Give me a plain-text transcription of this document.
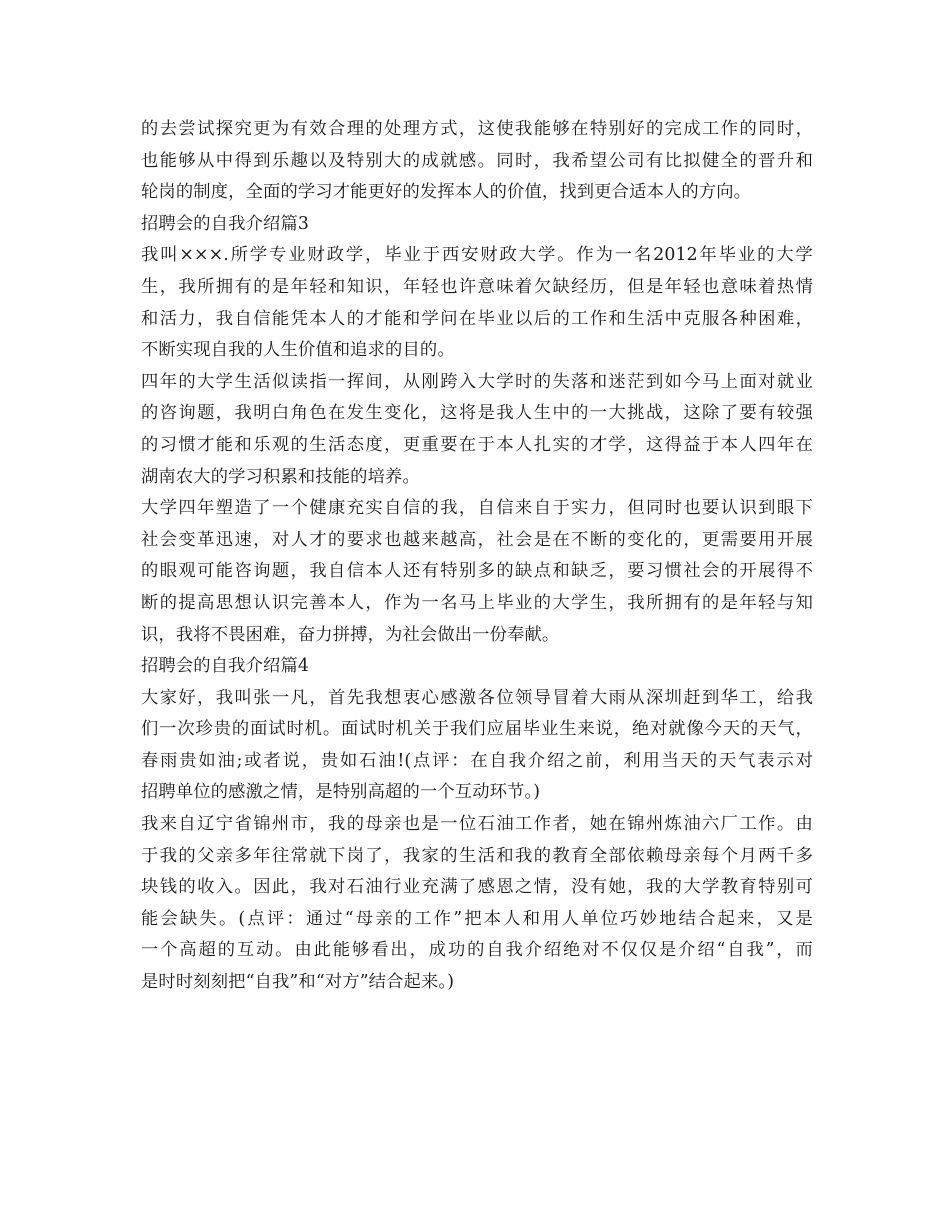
的去尝试探究更为有效合理的处理方式，这使我能够在特别好的完成工作的同时，
也能够从中得到乐趣以及特别大的成就感。同时，我希望公司有比拟健全的晋升和
轮岗的制度，全面的学习才能更好的发挥本人的价值，找到更合适本人的方向。
招聘会的自我介绍篇3
我叫×××.所学专业财政学，毕业于西安财政大学。作为一名2012年毕业的大学
生，我所拥有的是年轻和知识，年轻也许意味着欠缺经历，但是年轻也意味着热情
和活力，我自信能凭本人的才能和学问在毕业以后的工作和生活中克服各种困难，
不断实现自我的人生价值和追求的目的。
四年的大学生活似读指一挥间，从刚跨入大学时的失落和迷茫到如今马上面对就业
的咨询题，我明白角色在发生变化，这将是我人生中的一大挑战，这除了要有较强
的习惯才能和乐观的生活态度，更重要在于本人扎实的才学，这得益于本人四年在
湖南农大的学习积累和技能的培养。
大学四年塑造了一个健康充实自信的我，自信来自于实力，但同时也要认识到眼下
社会变革迅速，对人才的要求也越来越高，社会是在不断的变化的，更需要用开展
的眼观可能咨询题，我自信本人还有特别多的缺点和缺乏，要习惯社会的开展得不
断的提高思想认识完善本人，作为一名马上毕业的大学生，我所拥有的是年轻与知
识，我将不畏困难，奋力拼搏，为社会做出一份奉献。
招聘会的自我介绍篇4
大家好，我叫张一凡，首先我想衷心感激各位领导冒着大雨从深圳赶到华工，给我
们一次珍贵的面试时机。面试时机关于我们应届毕业生来说，绝对就像今天的天气，
春雨贵如油;或者说，贵如石油!(点评：在自我介绍之前，利用当天的天气表示对
招聘单位的感激之情，是特别高超的一个互动环节。)
我来自辽宁省锦州市，我的母亲也是一位石油工作者，她在锦州炼油六厂工作。由
于我的父亲多年往常就下岗了，我家的生活和我的教育全部依赖母亲每个月两千多
块钱的收入。因此，我对石油行业充满了感恩之情，没有她，我的大学教育特别可
能会缺失。(点评：通过“母亲的工作”把本人和用人单位巧妙地结合起来，又是
一个高超的互动。由此能够看出，成功的自我介绍绝对不仅仅是介绍“自我”，而
是时时刻刻把“自我”和“对方”结合起来。)
